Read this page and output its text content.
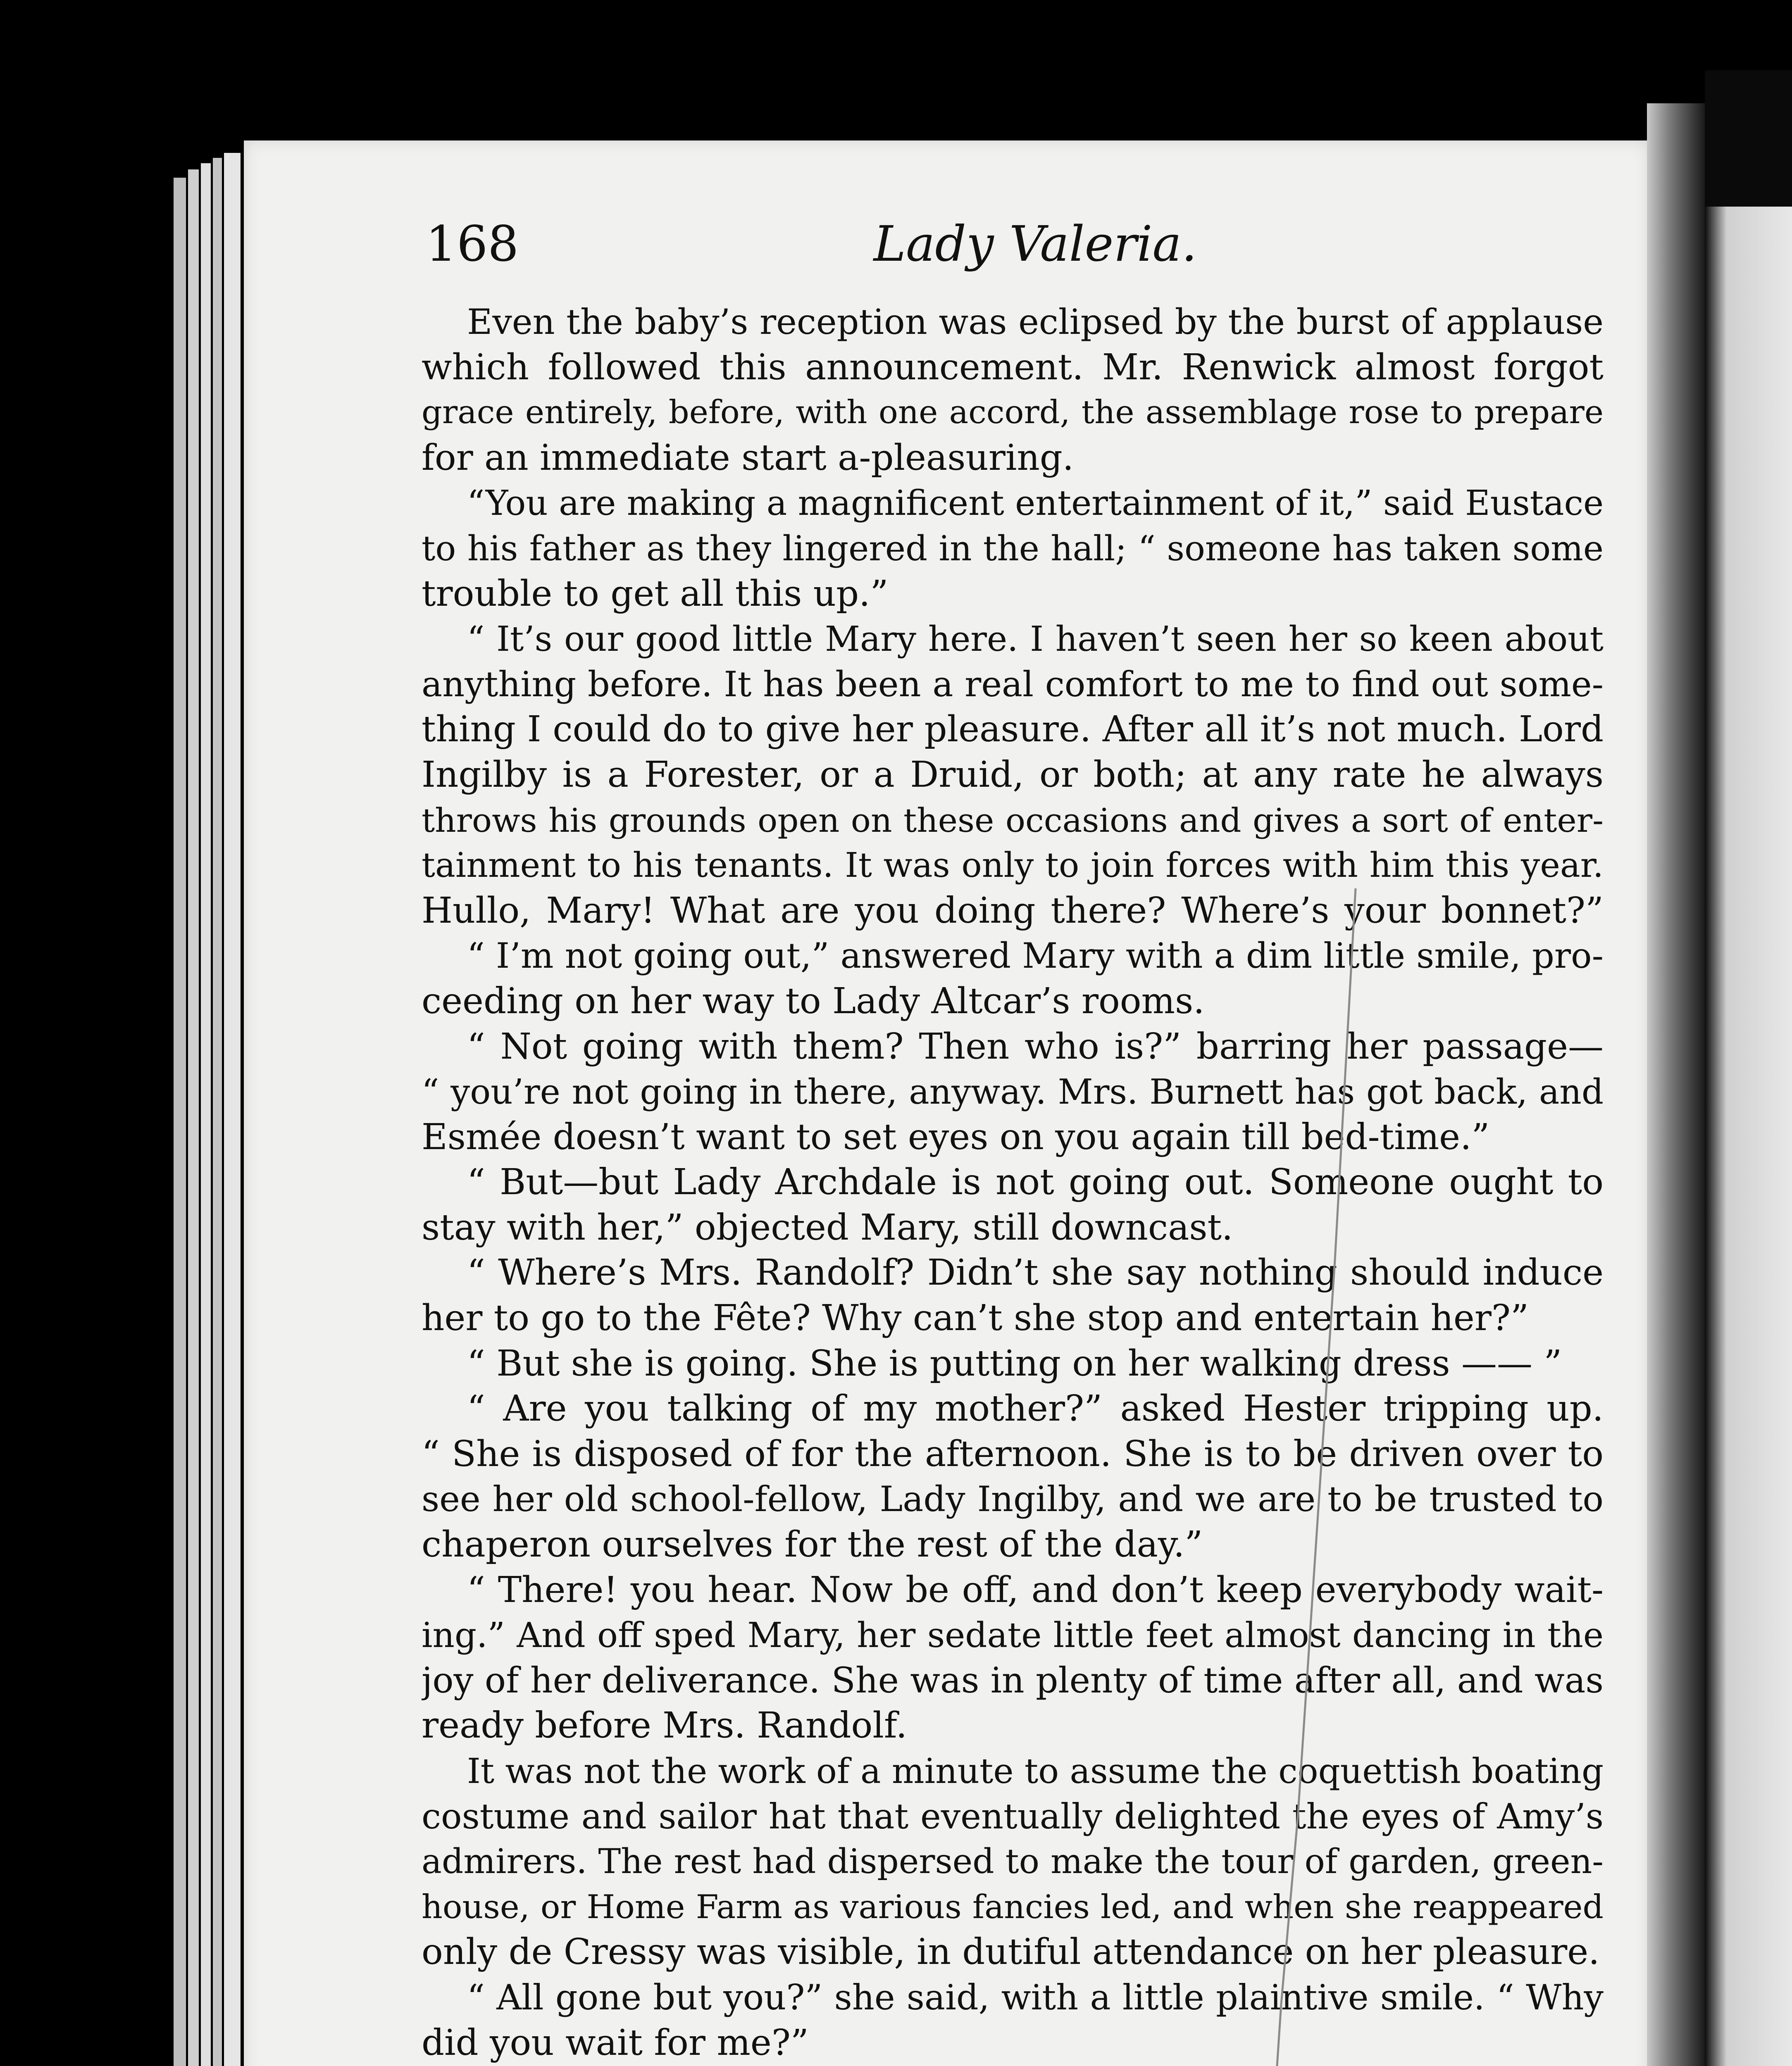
168	Lady Valeria.
Even the baby’s reception was eclipsed by the burst of applause
which followed this announcement. Mr. Renwick almost forgot
grace entirely, before, with one accord, the assemblage rose to prepare
for an immediate start a-pleasuring.
“You are making a magnificent entertainment of it,” said Eustace
to his father as they lingered in the hall; “ someone has taken some
trouble to get all this up.”
“ It’s our good little Mary here. I haven’t seen her so keen about
anything before. It has been a real comfort to me to find out some-
thing I could do to give her pleasure. After all it’s not much. Lord
Ingilby is a Forester, or a Druid, or both; at any rate he always
throws his grounds open on these occasions and gives a sort of enter-
tainment to his tenants. It was only to join forces with him this year.
Hullo, Mary! What are you doing there? Where’s your bonnet?”
“ I’m not going out,” answered Mary with a dim little smile, pro-
ceeding on her way to Lady Altcar’s rooms.
“ Not going with them? Then who is?” barring her passage—
“ you’re not going in there, anyway. Mrs. Burnett has got back, and
Esmée doesn’t want to set eyes on you again till bed-time.”
“ But—but Lady Archdale is not going out. Someone ought to
stay with her,” objected Mary, still downcast.
“ Where’s Mrs. Randolf? Didn’t she say nothing should induce
her to go to the Fête? Why can’t she stop and entertain her?”
“ But she is going. She is putting on her walking dress —— ”
“ Are you talking of my mother?” asked Hester tripping up.
“ She is disposed of for the afternoon. She is to be driven over to
see her old school-fellow, Lady Ingilby, and we are to be trusted to
chaperon ourselves for the rest of the day.”
“ There! you hear. Now be off, and don’t keep everybody wait-
ing.” And off sped Mary, her sedate little feet almost dancing in the
joy of her deliverance. She was in plenty of time after all, and was
ready before Mrs. Randolf.
It was not the work of a minute to assume the coquettish boating
costume and sailor hat that eventually delighted the eyes of Amy’s
admirers. The rest had dispersed to make the tour of garden, green-
house, or Home Farm as various fancies led, and when she reappeared
only de Cressy was visible, in dutiful attendance on her pleasure.
“ All gone but you?” she said, with a little plaintive smile. “ Why
did you wait for me?”
